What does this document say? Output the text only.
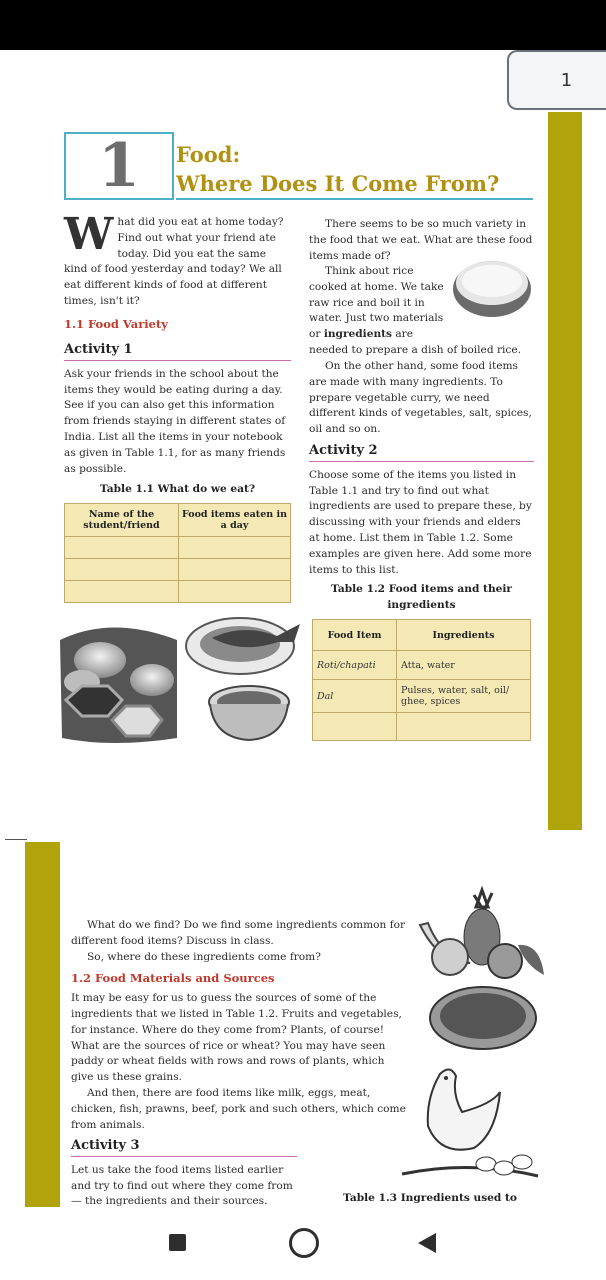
1
1 Food:
Where Does It Come From?

What did you eat at home today? Find out what your friend ate today. Did you eat the same kind of food yesterday and today? We all eat different kinds of food at different times, isn't it?

1.1 Food Variety
Activity 1

Ask your friends in the school about the items they would be eating during a day. See if you can also get this information from friends staying in different states of India. List all the items in your notebook as given in Table 1.1, for as many friends as possible.

Table 1.1 What do we eat?
Name of the student/friend	Food items eaten in a day

There seems to be so much variety in the food that we eat. What are these food items made of?

Think about rice cooked at home. We take raw rice and boil it in water. Just two materials or ingredients are needed to prepare a dish of boiled rice.

On the other hand, some food items are made with many ingredients. To prepare vegetable curry, we need different kinds of vegetables, salt, spices, oil and so on.

Activity 2

Choose some of the items you listed in Table 1.1 and try to find out what ingredients are used to prepare these, by discussing with your friends and elders at home. List them in Table 1.2. Some examples are given here. Add some more items to this list.

Table 1.2 Food items and their ingredients
Food Item	Ingredients
Roti/chapati	Atta, water
Dal	Pulses, water, salt, oil/ ghee, spices

What do we find? Do we find some ingredients common for different food items? Discuss in class.

So, where do these ingredients come from?

1.2 Food Materials and Sources

It may be easy for us to guess the sources of some of the ingredients that we listed in Table 1.2. Fruits and vegetables, for instance. Where do they come from? Plants, of course! What are the sources of rice or wheat? You may have seen paddy or wheat fields with rows and rows of plants, which give us these grains.

And then, there are food items like milk, eggs, meat, chicken, fish, prawns, beef, pork and such others, which come from animals.

Activity 3

Let us take the food items listed earlier and try to find out where they come from — the ingredients and their sources.	Table 1.3 Ingredients used to
